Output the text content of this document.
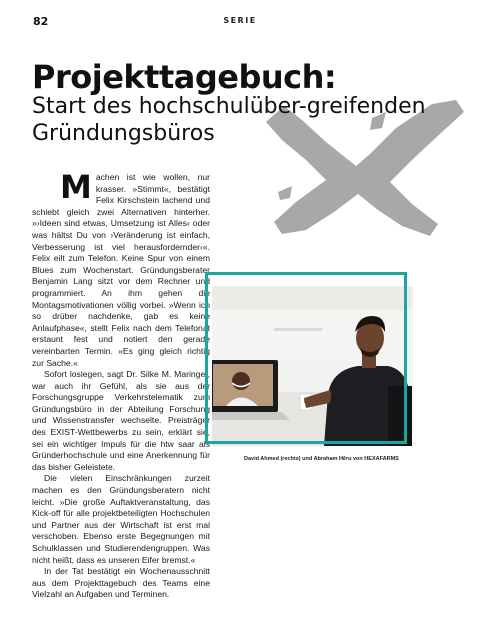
82	SERIE
Projekttagebuch:
Start des hochschulüber-greifenden Gründungsbüros

Machen ist wie wollen, nur krasser. »Stimmt«, bestätigt Felix Kirschstein lachend und schiebt gleich zwei Alternativen hinterher. »›Ideen sind etwas, Umsetzung ist Alles‹ oder was hältst Du von ›Veränderung ist einfach, Verbesserung ist viel herausfordernder‹«. Felix eilt zum Telefon. Keine Spur von einem Blues zum Wochenstart. Gründungsberater Benjamin Lang sitzt vor dem Rechner und programmiert. An ihm gehen die Montagsmotivationen völlig vorbei. »Wenn ich so drüber nachdenke, gab es keine Anlaufphase«, stellt Felix nach dem Telefonat erstaunt fest und notiert den gerade vereinbarten Termin. »Es ging gleich richtig zur Sache.«

Sofort loslegen, sagt Dr. Silke M. Maringer, war auch ihr Gefühl, als sie aus der Forschungsgruppe Verkehrstelematik zum Gründungsbüro in der Abteilung Forschung und Wissenstransfer wechselte. Preisträger des EXIST-Wettbewerbs zu sein, erklärt sie, sei ein wichtiger Impuls für die htw saar als Gründerhochschule und eine Anerkennung für das bisher Geleistete.

Die vielen Einschränkungen zurzeit machen es den Gründungsberatern nicht leicht. »Die große Auftaktveranstaltung, das Kick-off für alle projektbeteiligten Hochschulen und Partner aus der Wirtschaft ist erst mal verschoben. Ebenso erste Begegnungen mit Schulklassen und Studierendengruppen. Was nicht heißt, dass es unseren Eifer bremst.«

In der Tat bestätigt ein Wochenausschnitt aus dem Projekttagebuch des Teams eine Vielzahl an Aufgaben und Terminen.

David Ahmed (rechts) und Abraham Hêru von HEXAFARMS
